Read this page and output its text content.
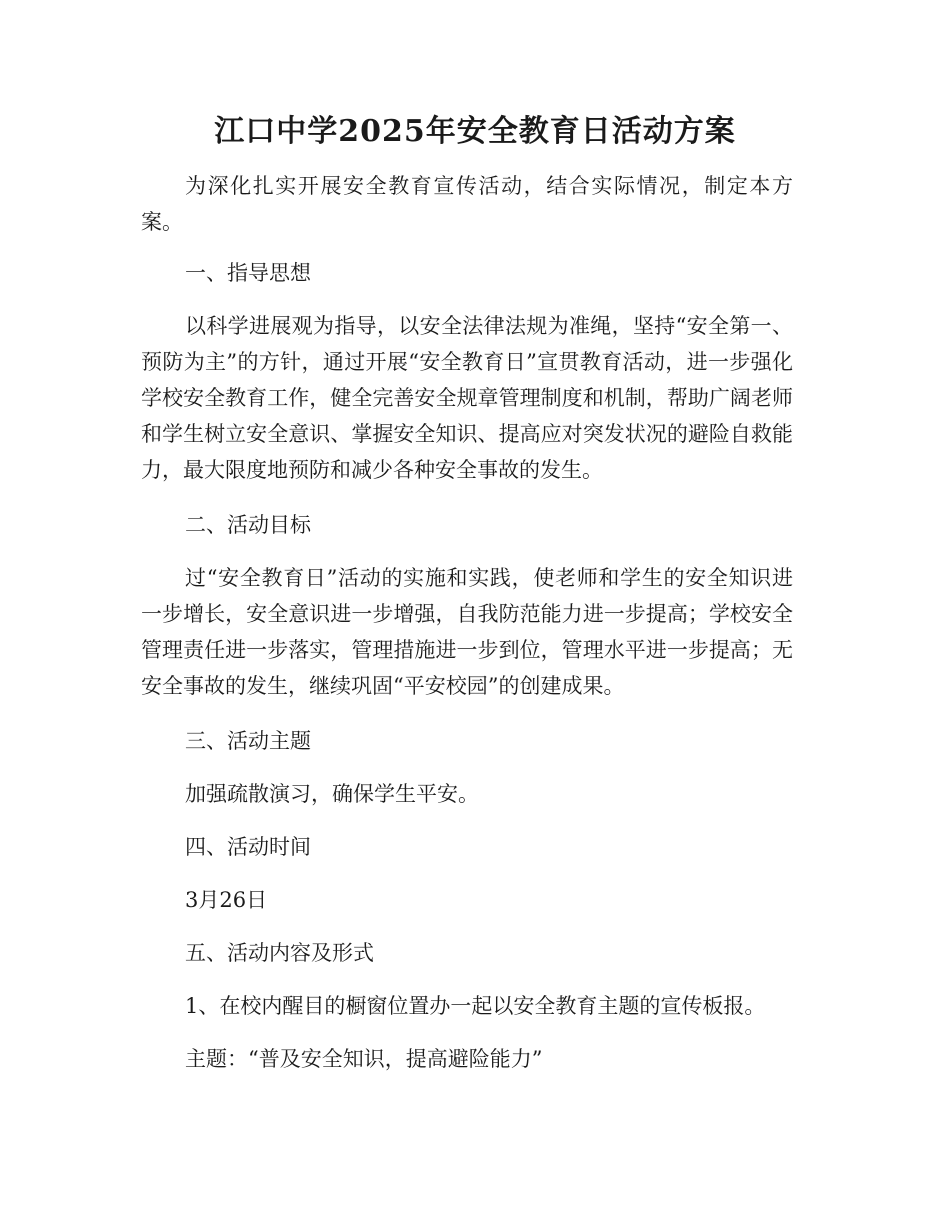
江口中学2025年安全教育日活动方案

为深化扎实开展安全教育宣传活动，结合实际情况，制定本方案。

一、指导思想

以科学进展观为指导，以安全法律法规为准绳，坚持“安全第一、预防为主”的方针，通过开展“安全教育日”宣贯教育活动，进一步强化学校安全教育工作，健全完善安全规章管理制度和机制，帮助广阔老师和学生树立安全意识、掌握安全知识、提高应对突发状况的避险自救能力，最大限度地预防和减少各种安全事故的发生。

二、活动目标

过“安全教育日”活动的实施和实践，使老师和学生的安全知识进一步增长，安全意识进一步增强，自我防范能力进一步提高；学校安全管理责任进一步落实，管理措施进一步到位，管理水平进一步提高；无安全事故的发生，继续巩固“平安校园”的创建成果。

三、活动主题

加强疏散演习，确保学生平安。

四、活动时间

3月26日

五、活动内容及形式

1、在校内醒目的橱窗位置办一起以安全教育主题的宣传板报。

主题：“普及安全知识，提高避险能力”
